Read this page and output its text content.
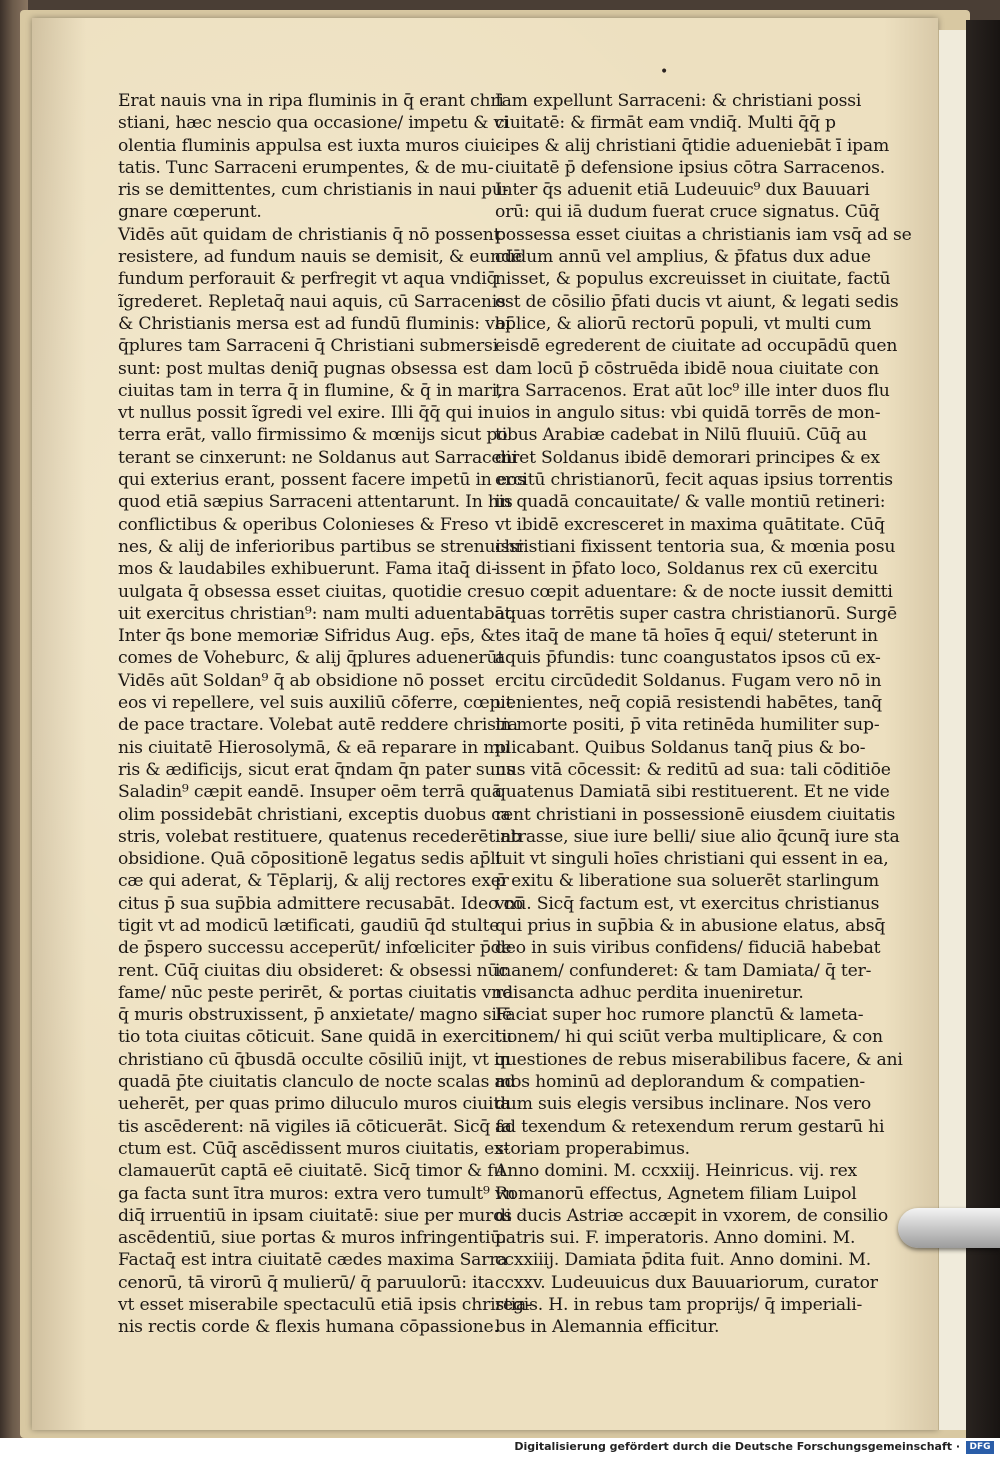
•
Erat nauis vna in ripa fluminis in q̄ erant chri
stiani, hæc nescio qua occasione/ impetu & vi
olentia fluminis appulsa est iuxta muros ciui-
tatis. Tunc Sarraceni erumpentes, & de mu-
ris se demittentes, cum christianis in naui pu-
gnare cœperunt.
Vidēs aūt quidam de christianis q̄ nō possent
resistere, ad fundum nauis se demisit, & eundē
fundum perforauit & perfregit vt aqua vndiq̄
ĩgrederet. Repletaq̄ naui aquis, cū Sarracenis
& Christianis mersa est ad fundū fluminis: vbi
q̄plures tam Sarraceni q̄ Christiani submersi
sunt: post multas deniq̄ pugnas obsessa est
ciuitas tam in terra q̄ in flumine, & q̄ in mari,
vt nullus possit ĩgredi vel exire. Illi q̄q̄ qui in
terra erāt, vallo firmissimo & mœnijs sicut po
terant se cinxerunt: ne Soldanus aut Sarraceni
qui exterius erant, possent facere impetū in eos
quod etiā sæpius Sarraceni attentarunt. In his
conflictibus & operibus Colonieses & Freso
nes, & alij de inferioribus partibus se strenuissi
mos & laudabiles exhibuerunt. Fama itaq̄ di-
uulgata q̄ obsessa esset ciuitas, quotidie cre-
uit exercitus christian⁹: nam multi aduentabāt.
Inter q̄s bone memoriæ Sifridus Aug. ep̄s, &
comes de Voheburc, & alij q̄plures aduenerūt
Vidēs aūt Soldan⁹ q̄ ab obsidione nō posset
eos vi repellere, vel suis auxiliū cōferre, cœpit
de pace tractare. Volebat autē reddere christia
nis ciuitatē Hierosolymā, & eā reparare in mu
ris & ædificijs, sicut erat q̄ndam q̄n pater suus
Saladin⁹ cæpit eandē. Insuper oēm terrā quā
olim possidebāt christiani, exceptis duobus ca
stris, volebat restituere, quatenus recederēt ab
obsidione. Quā cōpositionē legatus sedis ap̄li
cæ qui aderat, & Tēplarij, & alij rectores exer
citus p̄ sua sup̄bia admittere recusabāt. Ideo cō
tigit vt ad modicū lætificati, gaudiū q̄d stulte
de p̄spero successu acceperūt/ infœliciter p̄de
rent. Cūq̄ ciuitas diu obsideret: & obsessi nūc
fame/ nūc peste perirēt, & portas ciuitatis vndi
q̄ muris obstruxissent, p̄ anxietate/ magno silē
tio tota ciuitas cōticuit. Sane quidā in exercitu
christiano cū q̄busdā occulte cōsiliū inijt, vt in
quadā p̄te ciuitatis clanculo de nocte scalas ad
ueherēt, per quas primo diluculo muros ciuita
tis ascēderent: nā vigiles iā cōticuerāt. Sicq̄ fa
ctum est. Cūq̄ ascēdissent muros ciuitatis, ex-
clamauerūt captā eē ciuitatē. Sicq̄ timor & fu
ga facta sunt ītra muros: extra vero tumult⁹ vn
diq̄ irruentiū in ipsam ciuitatē: siue per muros
ascēdentiū, siue portas & muros infringentiū.
Factaq̄ est intra ciuitatē cædes maxima Sarra
cenorū, tā virorū q̄ mulierū/ q̄ paruulorū: ita
vt esset miserabile spectaculū etiā ipsis christia-
nis rectis corde & flexis humana cōpassione.
Iam expellunt Sarraceni: & christiani possi
ciuitatē: & firmāt eam vndiq̄. Multi q̄q̄ p
cipes & alij christiani q̄tidie adueniebāt ī ipam
ciuitatē p̄ defensione ipsius cōtra Sarracenos.
Inter q̄s aduenit etiā Ludeuuic⁹ dux Bauuari
orū: qui iā dudum fuerat cruce signatus. Cūq̄
possessa esset ciuitas a christianis iam vsq̄ ad se
cūdum annū vel amplius, & p̄fatus dux adue
nisset, & populus excreuisset in ciuitate, factū
est de cōsilio p̄fati ducis vt aiunt, & legati sedis
ap̄lice, & aliorū rectorū populi, vt multi cum
eisdē egrederent de ciuitate ad occupādū quen
dam locū p̄ cōstruēda ibidē noua ciuitate con
tra Sarracenos. Erat aūt loc⁹ ille inter duos flu
uios in angulo situs: vbi quidā torrēs de mon-
tibus Arabiæ cadebat in Nilū fluuiū. Cūq̄ au
diret Soldanus ibidē demorari principes & ex
ercitū christianorū, fecit aquas ipsius torrentis
in quadā concauitate/ & valle montiū retineri:
vt ibidē excresceret in maxima quātitate. Cūq̄
christiani fixissent tentoria sua, & mœnia posu
issent in p̄fato loco, Soldanus rex cū exercitu
suo cœpit aduentare: & de nocte iussit demitti
aquas torrētis super castra christianorū. Surgē
tes itaq̄ de mane tā hoīes q̄ equi/ steterunt in
aquis p̄fundis: tunc coangustatos ipsos cū ex-
ercitu circūdedit Soldanus. Fugam vero nō in
uenientes, neq̄ copiā resistendi habētes, tanq̄
in morte positi, p̄ vita retinēda humiliter sup-
plicabant. Quibus Soldanus tanq̄ pius & bo-
nus vitā cōcessit: & reditū ad sua: tali cōditiōe
quatenus Damiatā sibi restituerent. Et ne vide
rent christiani in possessionē eiusdem ciuitatis
intrasse, siue iure belli/ siue alio q̄cunq̄ iure sta
tuit vt singuli hoīes christiani qui essent in ea,
p̄ exitu & liberatione sua soluerēt starlingum
vnū. Sicq̄ factum est, vt exercitus christianus
qui prius in sup̄bia & in abusione elatus, absq̄
deo in suis viribus confidens/ fiduciā habebat
inanem/ confunderet: & tam Damiata/ q̄ ter-
ra sancta adhuc perdita inueniretur.
Faciat super hoc rumore planctū & lameta-
tionem/ hi qui sciūt verba multiplicare, & con
questiones de rebus miserabilibus facere, & ani
mos hominū ad deplorandum & compatien-
dum suis elegis versibus inclinare. Nos vero
ad texendum & retexendum rerum gestarū hi
storiam properabimus.
Anno domini. M. ccxxiij. Heinricus. vij. rex
Romanorū effectus, Agnetem filiam Luipol
di ducis Astriæ accæpit in vxorem, de consilio
patris sui. F. imperatoris. Anno domini. M.
ccxxiiij. Damiata p̄dita fuit. Anno domini. M.
ccxxv. Ludeuuicus dux Bauuariorum, curator
regis. H. in rebus tam proprijs/ q̄ imperiali-
bus in Alemannia efficitur.
Digitalisierung gefördert durch die Deutsche Forschungsgemeinschaft ·	DFG
